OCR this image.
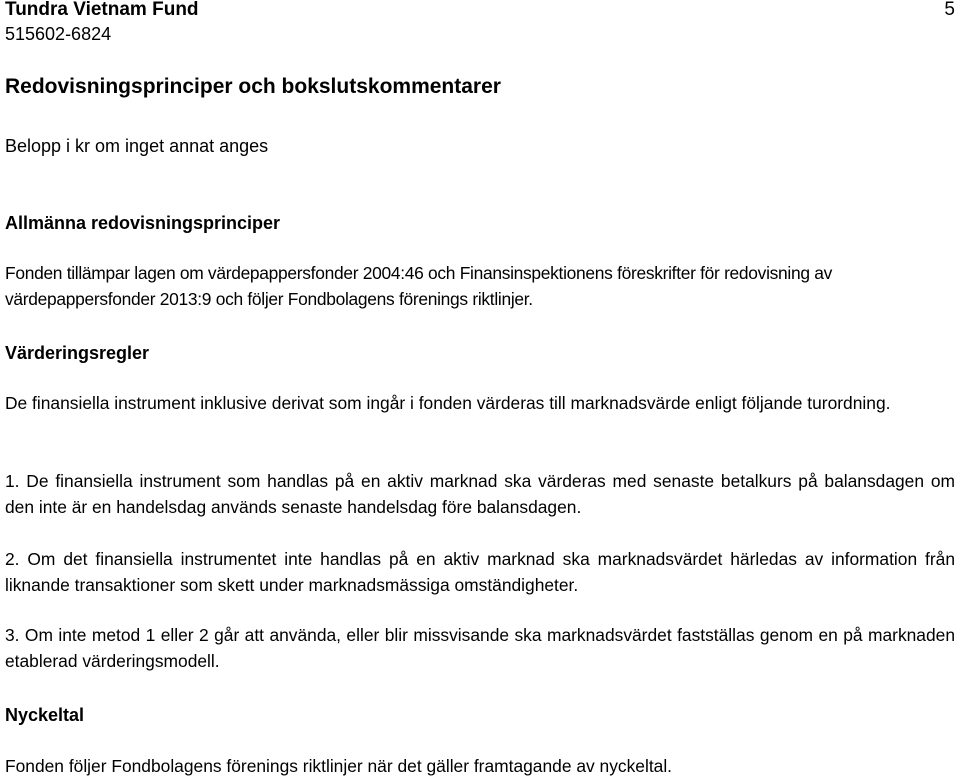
Tundra Vietnam Fund
515602-6824
5
Redovisningsprinciper och bokslutskommentarer
Belopp i kr om inget annat anges
Allmänna redovisningsprinciper
Fonden tillämpar lagen om värdepappersfonder 2004:46 och Finansinspektionens föreskrifter för redovisning av värdepappersfonder 2013:9 och följer Fondbolagens förenings riktlinjer.
Värderingsregler
De finansiella instrument inklusive derivat som ingår i fonden värderas till marknadsvärde enligt följande turordning.
1. De finansiella instrument som handlas på en aktiv marknad ska värderas med senaste betalkurs på balansdagen om den inte är en handelsdag används senaste handelsdag före balansdagen.
2. Om det finansiella instrumentet inte handlas på en aktiv marknad ska marknadsvärdet härledas av information från liknande transaktioner som skett under marknadsmässiga omständigheter.
3. Om inte metod 1 eller 2 går att använda, eller blir missvisande ska marknadsvärdet fastställas genom en på marknaden etablerad värderingsmodell.
Nyckeltal
Fonden följer Fondbolagens förenings riktlinjer när det gäller framtagande av nyckeltal.
